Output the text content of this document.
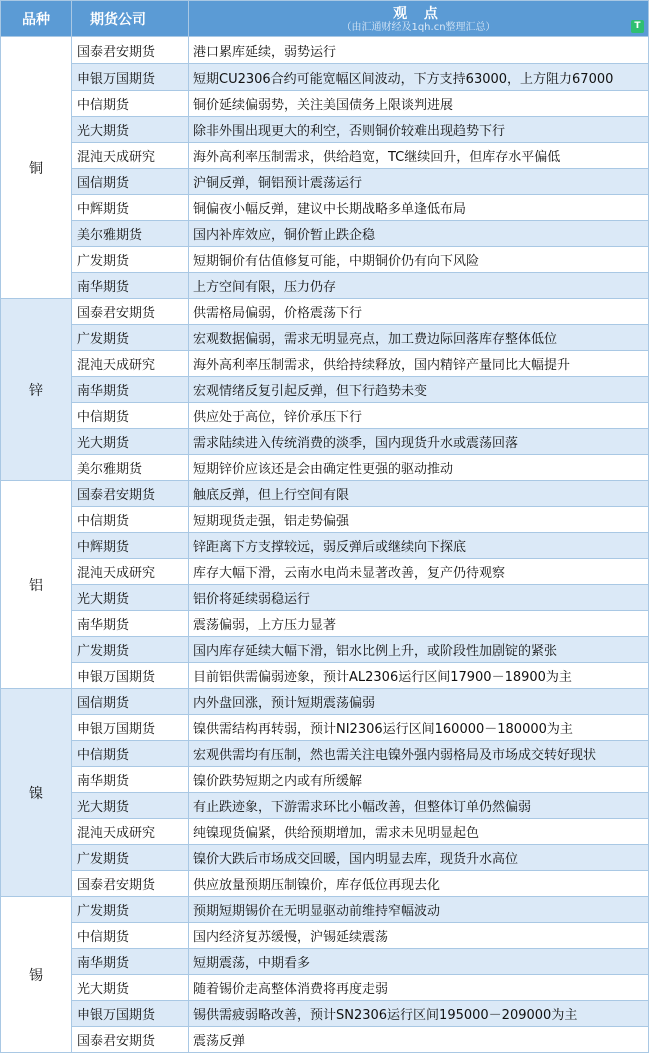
品种	期货公司	观 点
（由汇通财经及1qh.cn整理汇总） T

铜	国泰君安期货	港口累库延续，弱势运行
	申银万国期货	短期CU2306合约可能宽幅区间波动，下方支持63000，上方阻力67000
	中信期货	铜价延续偏弱势，关注美国债务上限谈判进展
	光大期货	除非外围出现更大的利空，否则铜价较难出现趋势下行
	混沌天成研究	海外高利率压制需求，供给趋宽，TC继续回升，但库存水平偏低
	国信期货	沪铜反弹，铜铝预计震荡运行
	中辉期货	铜偏夜小幅反弹，建议中长期战略多单逢低布局
	美尔雅期货	国内补库效应，铜价暂止跌企稳
	广发期货	短期铜价有估值修复可能，中期铜价仍有向下风险
	南华期货	上方空间有限，压力仍存
锌	国泰君安期货	供需格局偏弱，价格震荡下行
	广发期货	宏观数据偏弱，需求无明显亮点，加工费边际回落库存整体低位
	混沌天成研究	海外高利率压制需求，供给持续释放，国内精锌产量同比大幅提升
	南华期货	宏观情绪反复引起反弹，但下行趋势未变
	中信期货	供应处于高位，锌价承压下行
	光大期货	需求陆续进入传统消费的淡季，国内现货升水或震荡回落
	美尔雅期货	短期锌价应该还是会由确定性更强的驱动推动
铝	国泰君安期货	触底反弹，但上行空间有限
	中信期货	短期现货走强，铝走势偏强
	中辉期货	锌距离下方支撑较远，弱反弹后或继续向下探底
	混沌天成研究	库存大幅下滑，云南水电尚未显著改善，复产仍待观察
	光大期货	铝价将延续弱稳运行
	南华期货	震荡偏弱，上方压力显著
	广发期货	国内库存延续大幅下滑，铝水比例上升，或阶段性加剧锭的紧张
	申银万国期货	目前铝供需偏弱迹象，预计AL2306运行区间17900－18900为主
镍	国信期货	内外盘回涨，预计短期震荡偏弱
	申银万国期货	镍供需结构再转弱，预计NI2306运行区间160000－180000为主
	中信期货	宏观供需均有压制，然也需关注电镍外强内弱格局及市场成交转好现状
	南华期货	镍价跌势短期之内或有所缓解
	光大期货	有止跌迹象，下游需求环比小幅改善，但整体订单仍然偏弱
	混沌天成研究	纯镍现货偏紧，供给预期增加，需求未见明显起色
	广发期货	镍价大跌后市场成交回暖，国内明显去库，现货升水高位
	国泰君安期货	供应放量预期压制镍价，库存低位再现去化
锡	广发期货	预期短期锡价在无明显驱动前维持窄幅波动
	中信期货	国内经济复苏缓慢，沪锡延续震荡
	南华期货	短期震荡，中期看多
	光大期货	随着锡价走高整体消费将再度走弱
	申银万国期货	锡供需疲弱略改善，预计SN2306运行区间195000－209000为主
	国泰君安期货	震荡反弹
